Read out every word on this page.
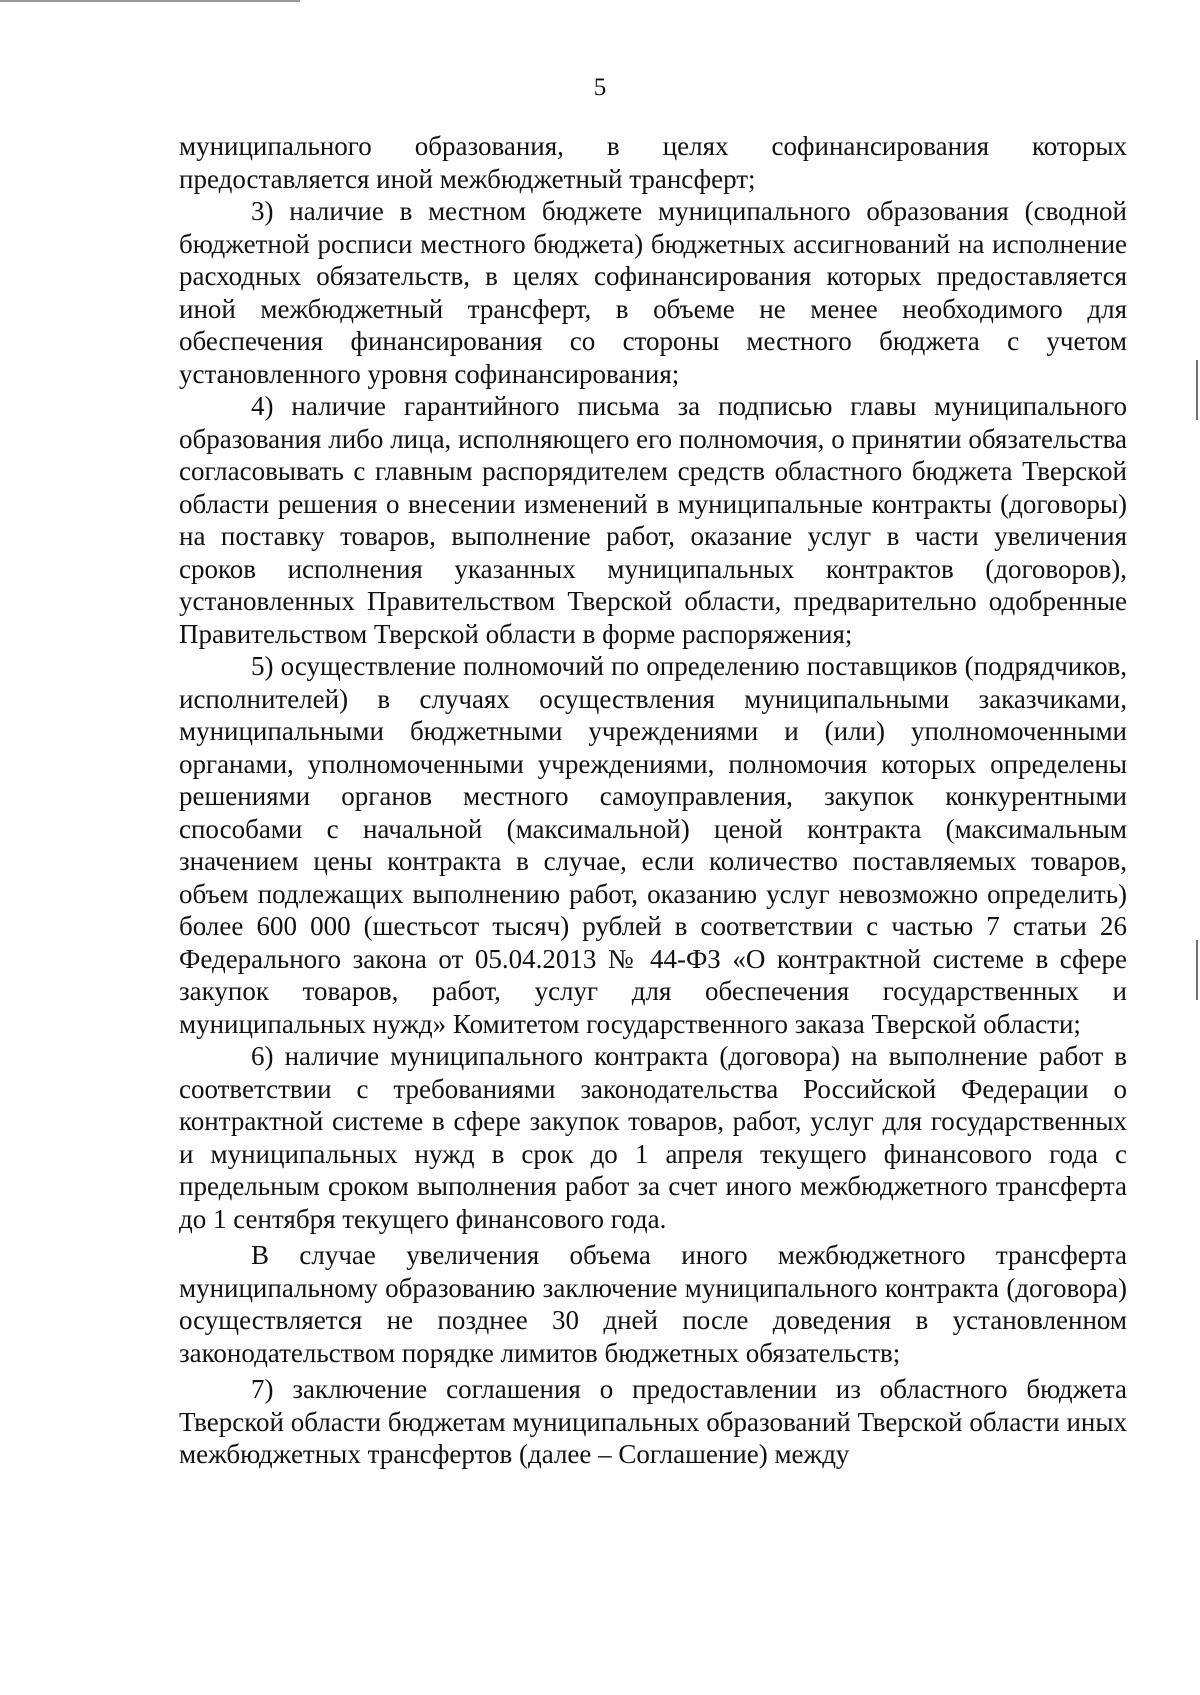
5

муниципального образования, в целях софинансирования которых предоставляется иной межбюджетный трансферт;

3) наличие в местном бюджете муниципального образования (сводной бюджетной росписи местного бюджета) бюджетных ассигнований на исполнение расходных обязательств, в целях софинансирования которых предоставляется иной межбюджетный трансферт, в объеме не менее необходимого для обеспечения финансирования со стороны местного бюджета с учетом установленного уровня софинансирования;

4) наличие гарантийного письма за подписью главы муниципального образования либо лица, исполняющего его полномочия, о принятии обязательства согласовывать с главным распорядителем средств областного бюджета Тверской области решения о внесении изменений в муниципальные контракты (договоры) на поставку товаров, выполнение работ, оказание услуг в части увеличения сроков исполнения указанных муниципальных контрактов (договоров), установленных Правительством Тверской области, предварительно одобренные Правительством Тверской области в форме распоряжения;

5) осуществление полномочий по определению поставщиков (подрядчиков, исполнителей) в случаях осуществления муниципальными заказчиками, муниципальными бюджетными учреждениями и (или) уполномоченными органами, уполномоченными учреждениями, полномочия которых определены решениями органов местного самоуправления, закупок конкурентными способами с начальной (максимальной) ценой контракта (максимальным значением цены контракта в случае, если количество поставляемых товаров, объем подлежащих выполнению работ, оказанию услуг невозможно определить) более 600 000 (шестьсот тысяч) рублей в соответствии с частью 7 статьи 26 Федерального закона от 05.04.2013 № 44-ФЗ «О контрактной системе в сфере закупок товаров, работ, услуг для обеспечения государственных и муниципальных нужд» Комитетом государственного заказа Тверской области;

6) наличие муниципального контракта (договора) на выполнение работ в соответствии с требованиями законодательства Российской Федерации о контрактной системе в сфере закупок товаров, работ, услуг для государственных и муниципальных нужд в срок до 1 апреля текущего финансового года с предельным сроком выполнения работ за счет иного межбюджетного трансферта до 1 сентября текущего финансового года.

В случае увеличения объема иного межбюджетного трансферта муниципальному образованию заключение муниципального контракта (договора) осуществляется не позднее 30 дней после доведения в установленном законодательством порядке лимитов бюджетных обязательств;

7) заключение соглашения о предоставлении из областного бюджета Тверской области бюджетам муниципальных образований Тверской области иных межбюджетных трансфертов (далее – Соглашение) между
